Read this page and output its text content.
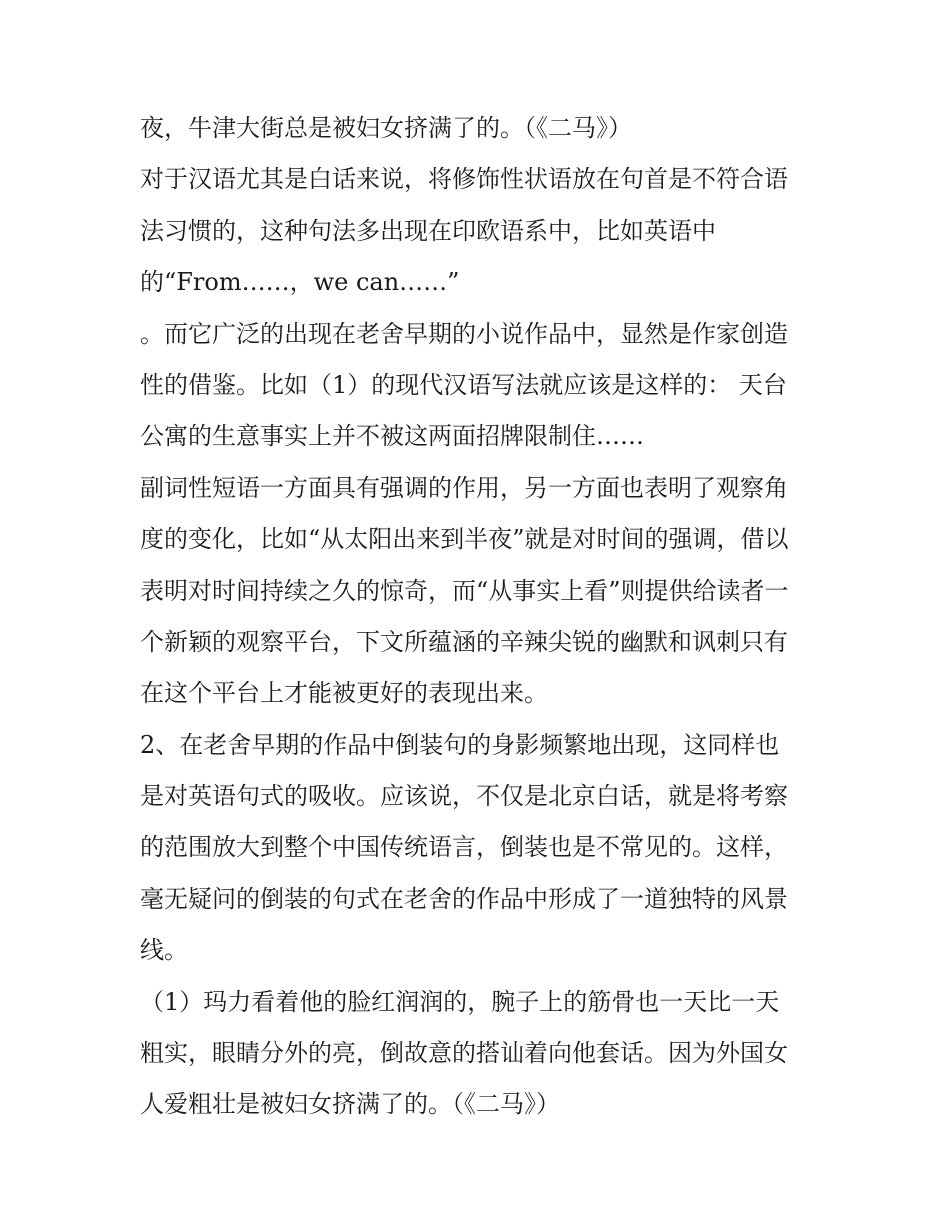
夜，牛津大街总是被妇女挤满了的。（《二马》）
对于汉语尤其是白话来说，将修饰性状语放在句首是不符合语
法习惯的，这种句法多出现在印欧语系中，比如英语中
的“From……，we can……”
。而它广泛的出现在老舍早期的小说作品中，显然是作家创造
性的借鉴。比如（1）的现代汉语写法就应该是这样的： 天台
公寓的生意事实上并不被这两面招牌限制住……
副词性短语一方面具有强调的作用，另一方面也表明了观察角
度的变化，比如“从太阳出来到半夜”就是对时间的强调，借以
表明对时间持续之久的惊奇，而“从事实上看”则提供给读者一
个新颖的观察平台，下文所蕴涵的辛辣尖锐的幽默和讽刺只有
在这个平台上才能被更好的表现出来。
2、在老舍早期的作品中倒装句的身影频繁地出现，这同样也
是对英语句式的吸收。应该说，不仅是北京白话，就是将考察
的范围放大到整个中国传统语言，倒装也是不常见的。这样，
毫无疑问的倒装的句式在老舍的作品中形成了一道独特的风景
线。
（1）玛力看着他的脸红润润的，腕子上的筋骨也一天比一天
粗实，眼睛分外的亮，倒故意的搭讪着向他套话。因为外国女
人爱粗壮是被妇女挤满了的。（《二马》）
